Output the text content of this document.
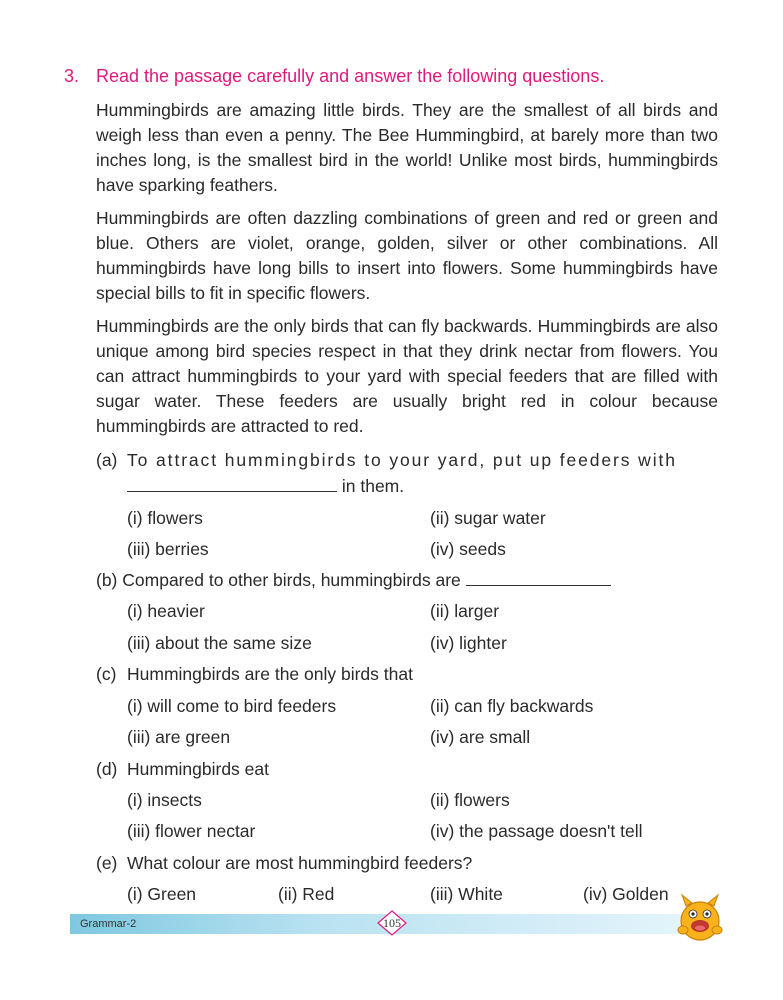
3. Read the passage carefully and answer the following questions.
Hummingbirds are amazing little birds. They are the smallest of all birds and weigh less than even a penny. The Bee Hummingbird, at barely more than two inches long, is the smallest bird in the world! Unlike most birds, hummingbirds have sparking feathers.
Hummingbirds are often dazzling combinations of green and red or green and blue. Others are violet, orange, golden, silver or other combinations. All hummingbirds have long bills to insert into flowers. Some hummingbirds have special bills to fit in specific flowers.
Hummingbirds are the only birds that can fly backwards. Hummingbirds are also unique among bird species respect in that they drink nectar from flowers. You can attract hummingbirds to your yard with special feeders that are filled with sugar water. These feeders are usually bright red in colour because hummingbirds are attracted to red.
(a) To attract hummingbirds to your yard, put up feeders with
in them.
(i) flowers	(ii) sugar water
(iii) berries	(iv) seeds
(b) Compared to other birds, hummingbirds are
(i) heavier	(ii) larger
(iii) about the same size	(iv) lighter
(c) Hummingbirds are the only birds that
(i) will come to bird feeders	(ii) can fly backwards
(iii) are green	(iv) are small
(d) Hummingbirds eat
(i) insects	(ii) flowers
(iii) flower nectar	(iv) the passage doesn't tell
(e) What colour are most hummingbird feeders?
(i) Green	(ii) Red	(iii) White	(iv) Golden
Grammar-2	105
